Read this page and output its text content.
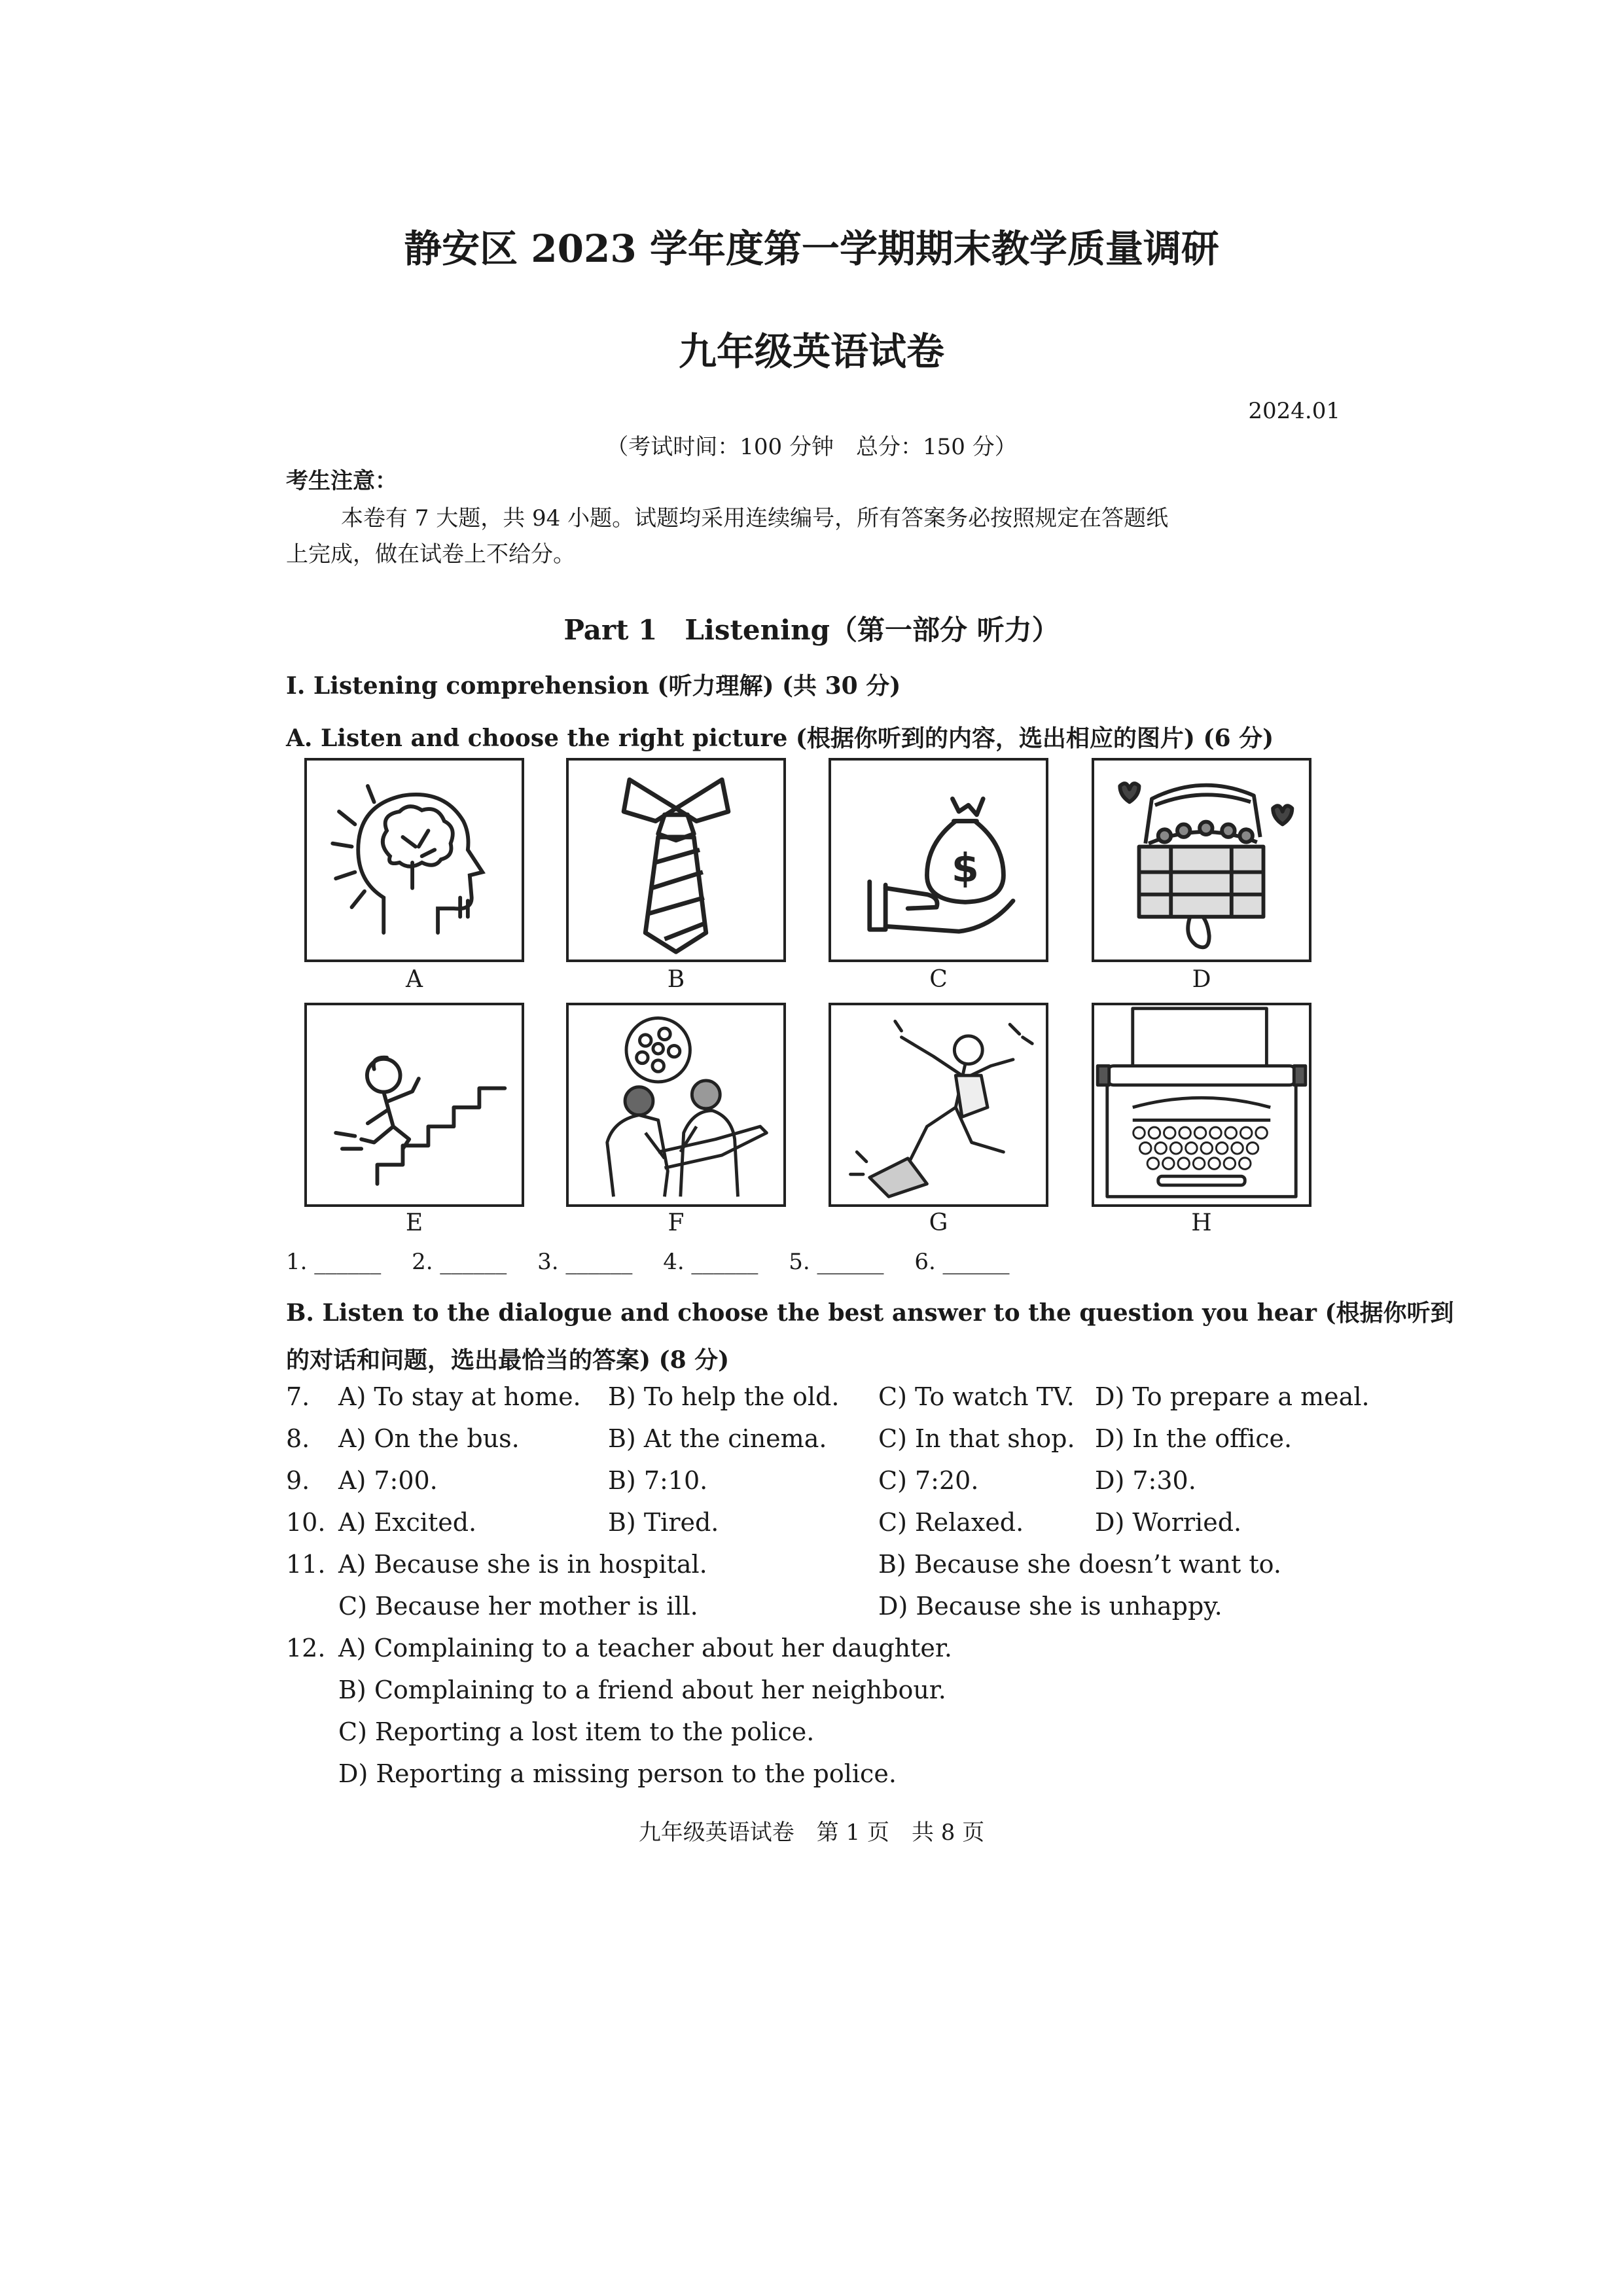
静安区 2023 学年度第一学期期末教学质量调研
九年级英语试卷
2024.01
（考试时间：100 分钟　总分：150 分）
考生注意：
本卷有 7 大题，共 94 小题。试题均采用连续编号，所有答案务必按照规定在答题纸
上完成，做在试卷上不给分。
Part 1　Listening（第一部分 听力）
I. Listening comprehension (听力理解) (共 30 分)
A. Listen and choose the right picture (根据你听到的内容，选出相应的图片) (6 分)
A	B
$
C	D
E	F	G	H
1. ______ 2. ______ 3. ______ 4. ______ 5. ______ 6. ______
B. Listen to the dialogue and choose the best answer to the question you hear (根据你听到
的对话和问题，选出最恰当的答案) (8 分)
7. A) To stay at home. B) To help the old. C) To watch TV. D) To prepare a meal.
8. A) On the bus.	B) At the cinema. C) In that shop. D) In the office.
9. A) 7:00.	B) 7:10.	C) 7:20.	D) 7:30.
10. A) Excited.	B) Tired.	C) Relaxed.	D) Worried.
11. A) Because she is in hospital.	B) Because she doesn’t want to.
C) Because her mother is ill.	D) Because she is unhappy.
12. A) Complaining to a teacher about her daughter.
B) Complaining to a friend about her neighbour.
C) Reporting a lost item to the police.
D) Reporting a missing person to the police.
九年级英语试卷　第 1 页　共 8 页
